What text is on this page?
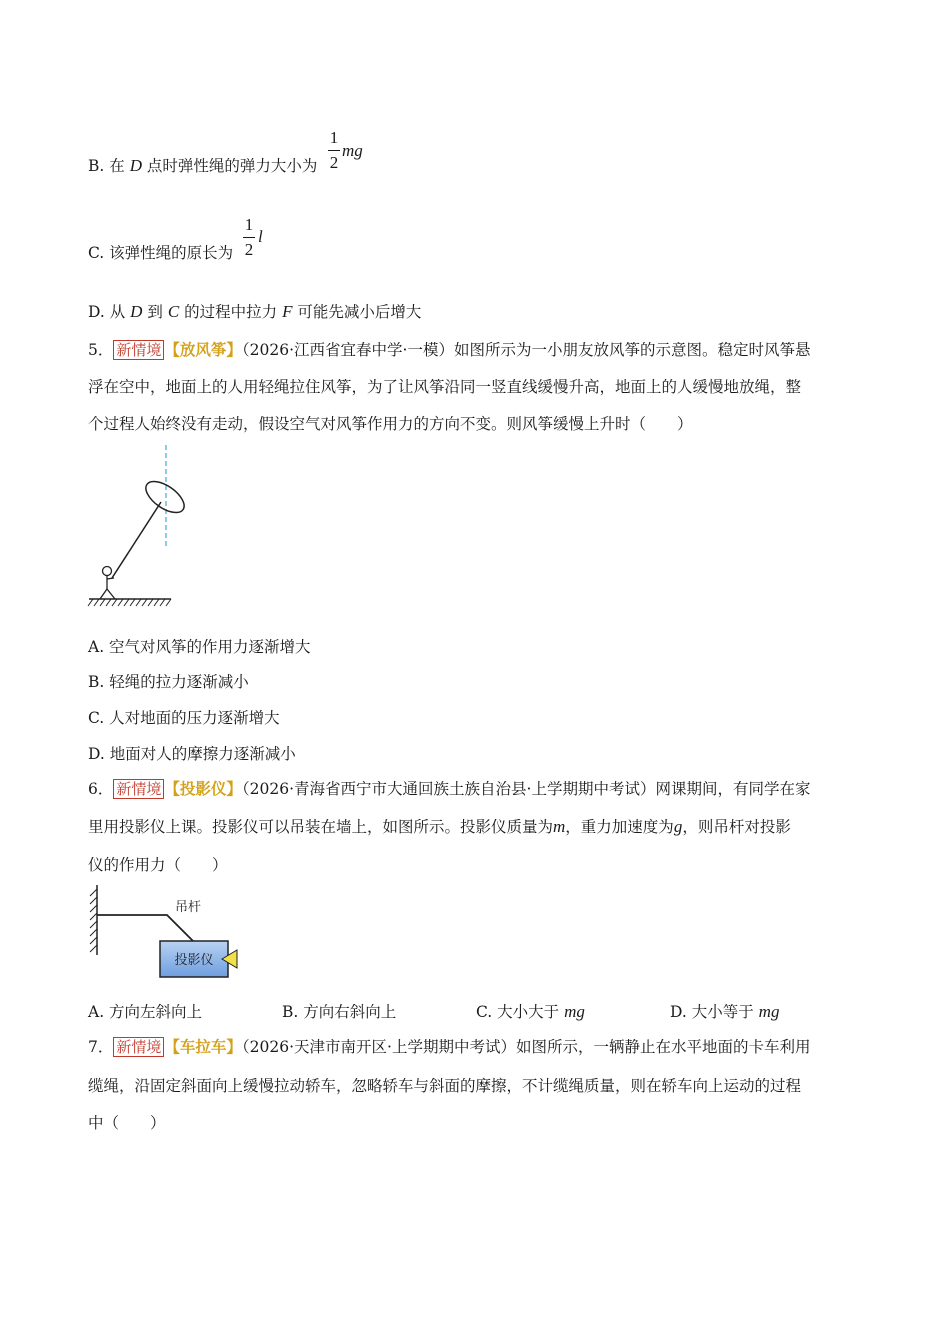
B. 在 D 点时弹性绳的弹力大小为
1
2
mg
C. 该弹性绳的原长为
1
2
l
D. 从 D 到 C 的过程中拉力 F 可能先减小后增大
5． 新情境 【放风筝】（2026·江西省宜春中学·一模）如图所示为一小朋友放风筝的示意图。稳定时风筝悬
浮在空中，地面上的人用轻绳拉住风筝，为了让风筝沿同一竖直线缓慢升高，地面上的人缓慢地放绳，整
个过程人始终没有走动，假设空气对风筝作用力的方向不变。则风筝缓慢上升时（　　）
A. 空气对风筝的作用力逐渐增大
B. 轻绳的拉力逐渐减小
C. 人对地面的压力逐渐增大
D. 地面对人的摩擦力逐渐减小
6． 新情境 【投影仪】（2026·青海省西宁市大通回族土族自治县·上学期期中考试）网课期间，有同学在家
里用投影仪上课。投影仪可以吊装在墙上，如图所示。投影仪质量为m，重力加速度为g，则吊杆对投影
仪的作用力（　　）
吊杆
投影仪
A. 方向左斜向上	B. 方向右斜向上	C. 大小大于 mg	D. 大小等于 mg
7． 新情境 【车拉车】（2026·天津市南开区·上学期期中考试）如图所示，一辆静止在水平地面的卡车利用
缆绳，沿固定斜面向上缓慢拉动轿车，忽略轿车与斜面的摩擦，不计缆绳质量，则在轿车向上运动的过程
中（　　）
